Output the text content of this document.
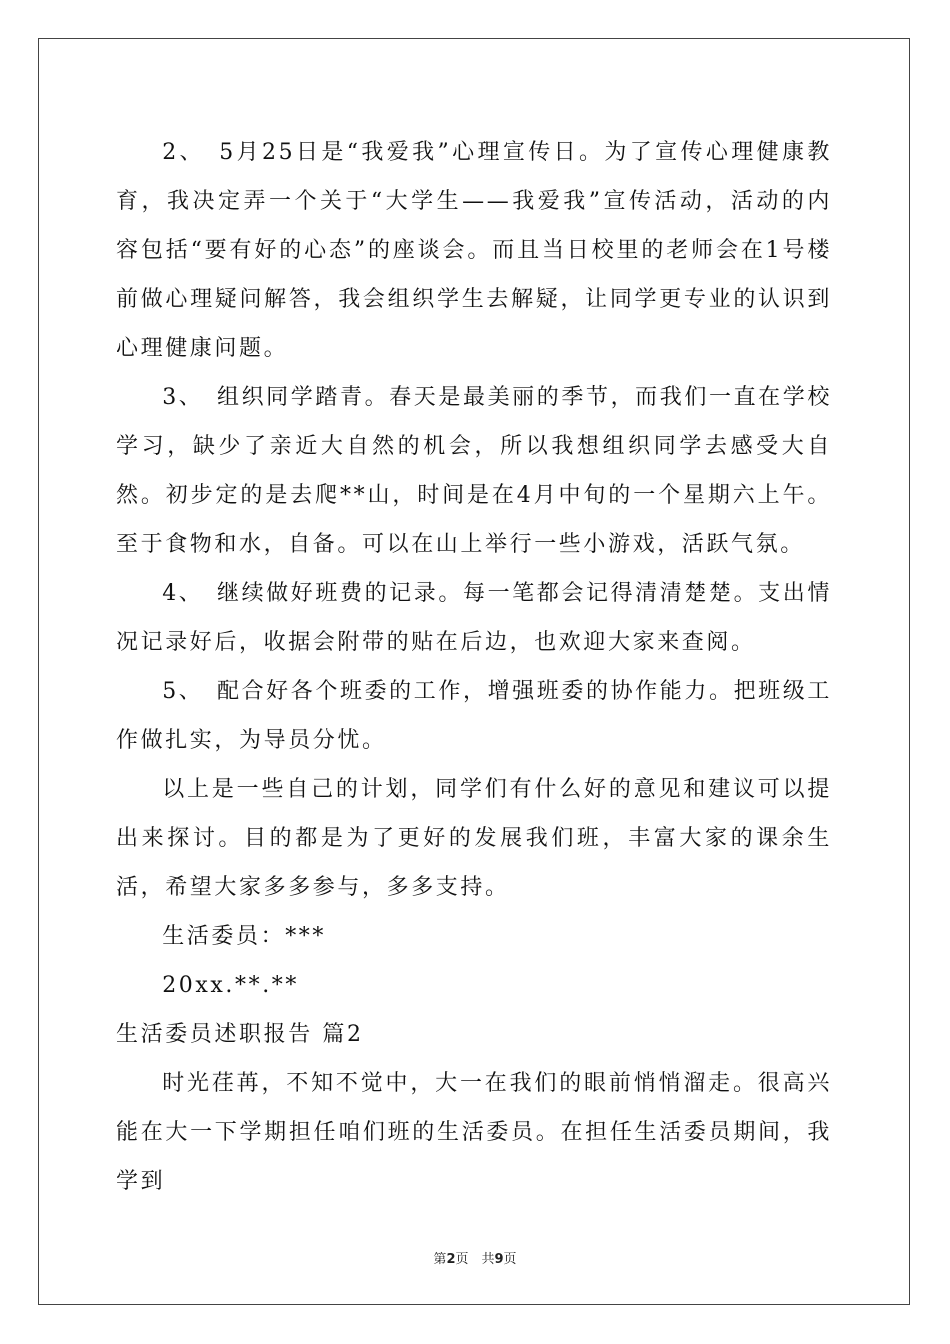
2、　5月25日是“我爱我”心理宣传日。为了宣传心理健康教育，我决定弄一个关于“大学生——我爱我”宣传活动，活动的内容包括“要有好的心态”的座谈会。而且当日校里的老师会在1号楼前做心理疑问解答，我会组织学生去解疑，让同学更专业的认识到心理健康问题。

3、　组织同学踏青。春天是最美丽的季节，而我们一直在学校学习，缺少了亲近大自然的机会，所以我想组织同学去感受大自然。初步定的是去爬**山，时间是在4月中旬的一个星期六上午。至于食物和水，自备。可以在山上举行一些小游戏，活跃气氛。

4、　继续做好班费的记录。每一笔都会记得清清楚楚。支出情况记录好后，收据会附带的贴在后边，也欢迎大家来查阅。

5、　配合好各个班委的工作，增强班委的协作能力。把班级工作做扎实，为导员分忧。

以上是一些自己的计划，同学们有什么好的意见和建议可以提出来探讨。目的都是为了更好的发展我们班，丰富大家的课余生活，希望大家多多参与，多多支持。

生活委员：***

20xx.**.**

生活委员述职报告 篇2

时光荏苒，不知不觉中，大一在我们的眼前悄悄溜走。很高兴能在大一下学期担任咱们班的生活委员。在担任生活委员期间，我学到

第2页　共9页
